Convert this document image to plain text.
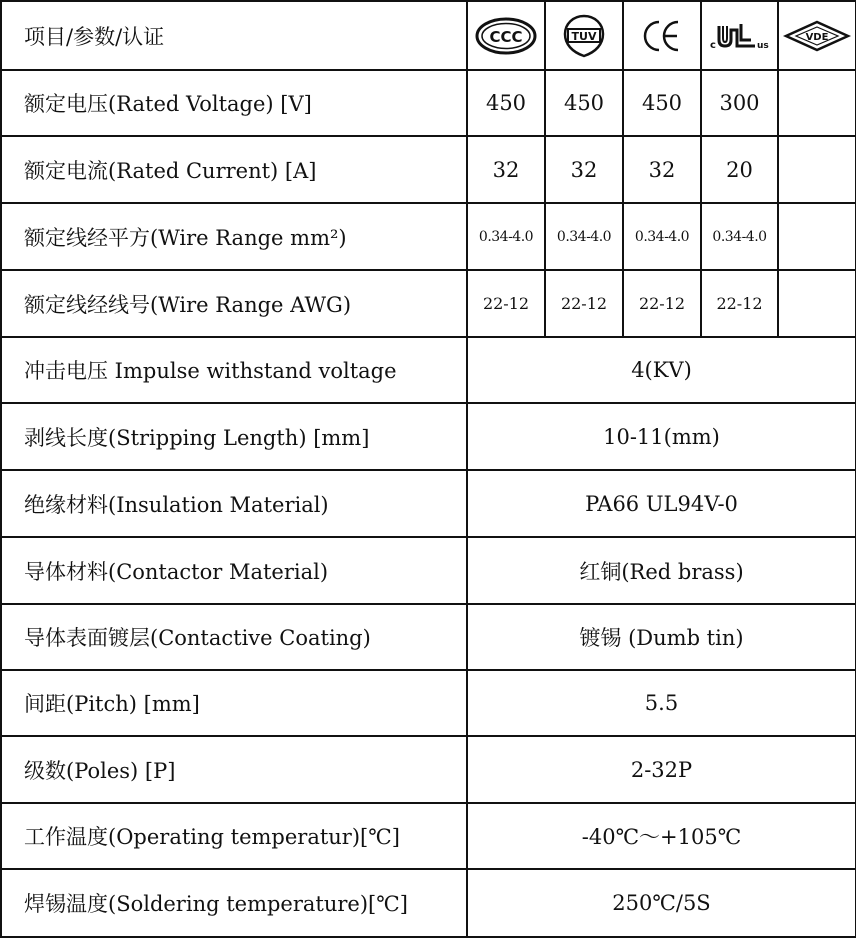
项目/参数/认证	CCC	TUV		c us	VDE

额定电压(Rated Voltage) [V]	450	450	450	300	
额定电流(Rated Current) [A]	32	32	32	20	
额定线经平方(Wire Range mm²)	0.34-4.0	0.34-4.0	0.34-4.0	0.34-4.0	
额定线经线号(Wire Range AWG)	22-12	22-12	22-12	22-12	
冲击电压 Impulse withstand voltage	4(KV)				
剥线长度(Stripping Length) [mm]	10-11(mm)				
绝缘材料(Insulation Material)	PA66 UL94V-0				
导体材料(Contactor Material)	红铜(Red brass)				
导体表面镀层(Contactive Coating)	镀锡 (Dumb tin)				
间距(Pitch) [mm]	5.5				
级数(Poles) [P]	2-32P				
工作温度(Operating temperatur)[℃]	-40℃～+105℃				
焊锡温度(Soldering temperature)[℃]	250℃/5S				
